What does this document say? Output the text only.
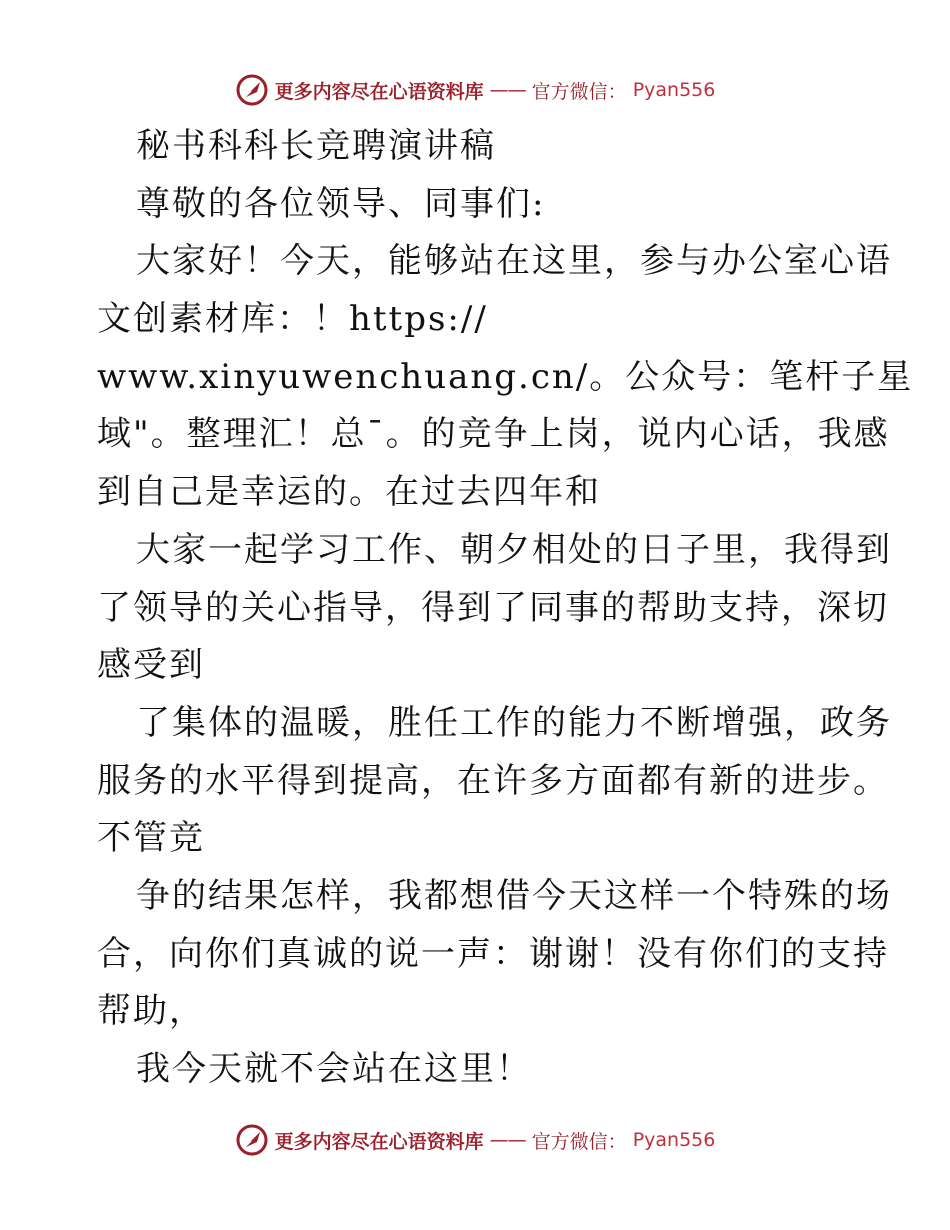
更多内容尽在心语资料库 —— 官方微信： Pyan556
秘书科科长竞聘演讲稿
尊敬的各位领导、同事们:
大家好！今天，能够站在这里，参与办公室心语
文创素材库：！https://
www.xinyuwenchuang.cn/。公众号：笔杆子星
域"。整理汇！总¯。的竞争上岗，说内心话，我感
到自己是幸运的。在过去四年和
大家一起学习工作、朝夕相处的日子里，我得到
了领导的关心指导，得到了同事的帮助支持，深切
感受到
了集体的温暖，胜任工作的能力不断增强，政务
服务的水平得到提高，在许多方面都有新的进步。
不管竞
争的结果怎样，我都想借今天这样一个特殊的场
合，向你们真诚的说一声：谢谢！没有你们的支持
帮助，
我今天就不会站在这里！
更多内容尽在心语资料库 —— 官方微信： Pyan556
